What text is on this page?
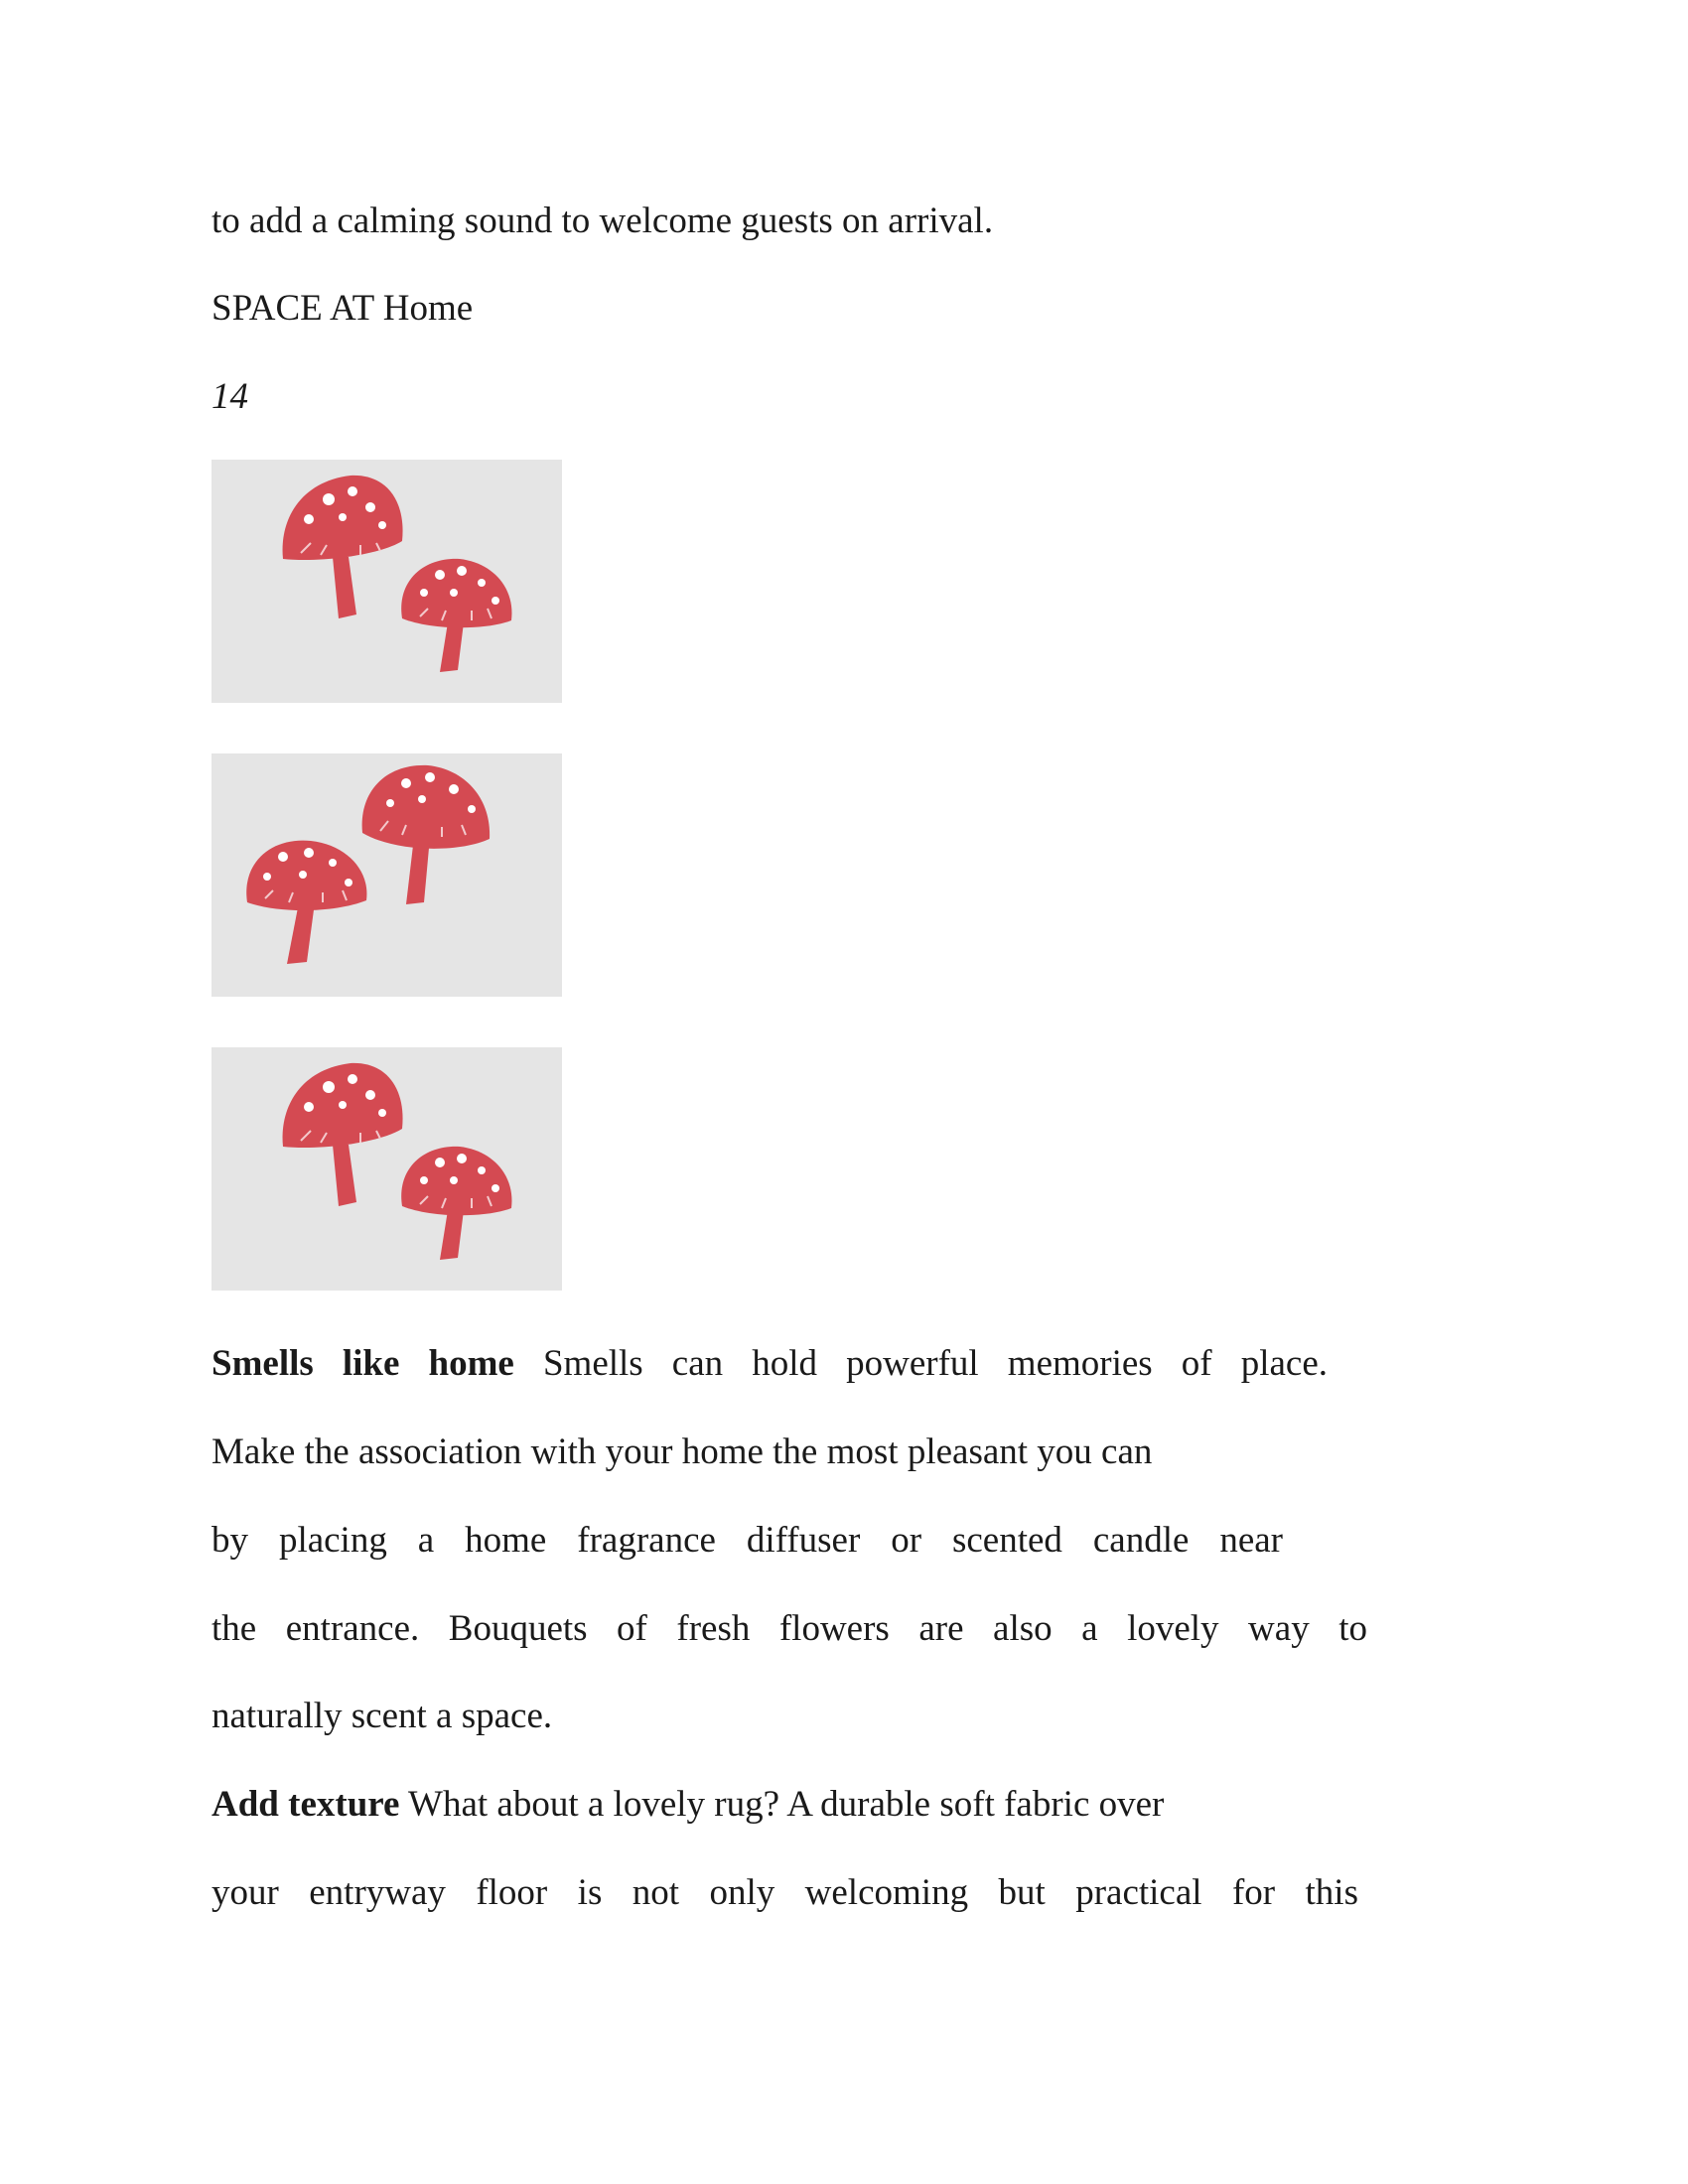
to add a calming sound to welcome guests on arrival.
SPACE AT Home
14
Smells like home Smells can hold powerful memories of place.
Make the association with your home the most pleasant you can
by placing a home fragrance diffuser or scented candle near
the entrance. Bouquets of fresh flowers are also a lovely way to
naturally scent a space.
Add texture What about a lovely rug? A durable soft fabric over
your entryway floor is not only welcoming but practical for this
